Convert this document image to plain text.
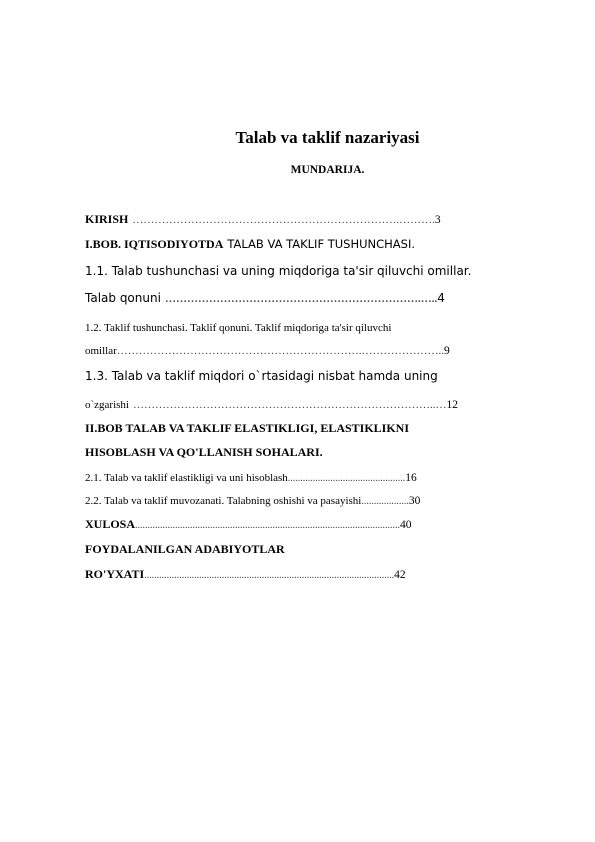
Talab va taklif nazariyasi
MUNDARIJA.
KIRISH ……………………………………………………………….……….3
I.BOB. IQTISODIYOTDA TALAB VA TAKLIF TUSHUNCHASI.
1.1. Talab tushunchasi va uning miqdoriga ta'sir qiluvchi omillar.
Talab qonuni …………………………………………………………….…..4
1.2. Taklif tushunchasi. Taklif qonuni. Taklif miqdoriga ta'sir qiluvchi
omillar………………………………………………………….…………………..9
1.3. Talab va taklif miqdori o`rtasidagi nisbat hamda uning
o`zgarishi ………………………………………………………………………..…12
II.BOB TALAB VA TAKLIF ELASTIKLIGI, ELASTIKLIKNI
HISOBLASH VA QO'LLANISH SOHALARI.
2.1. Talab va taklif elastikligi va uni hisoblash...............................................16
2.2. Talab va taklif muvozanati. Talabning oshishi va pasayishi...................30
XULOSA..........................................................................................................40
FOYDALANILGAN ADABIYOTLAR
RO'YXATI....................................................................................................42
